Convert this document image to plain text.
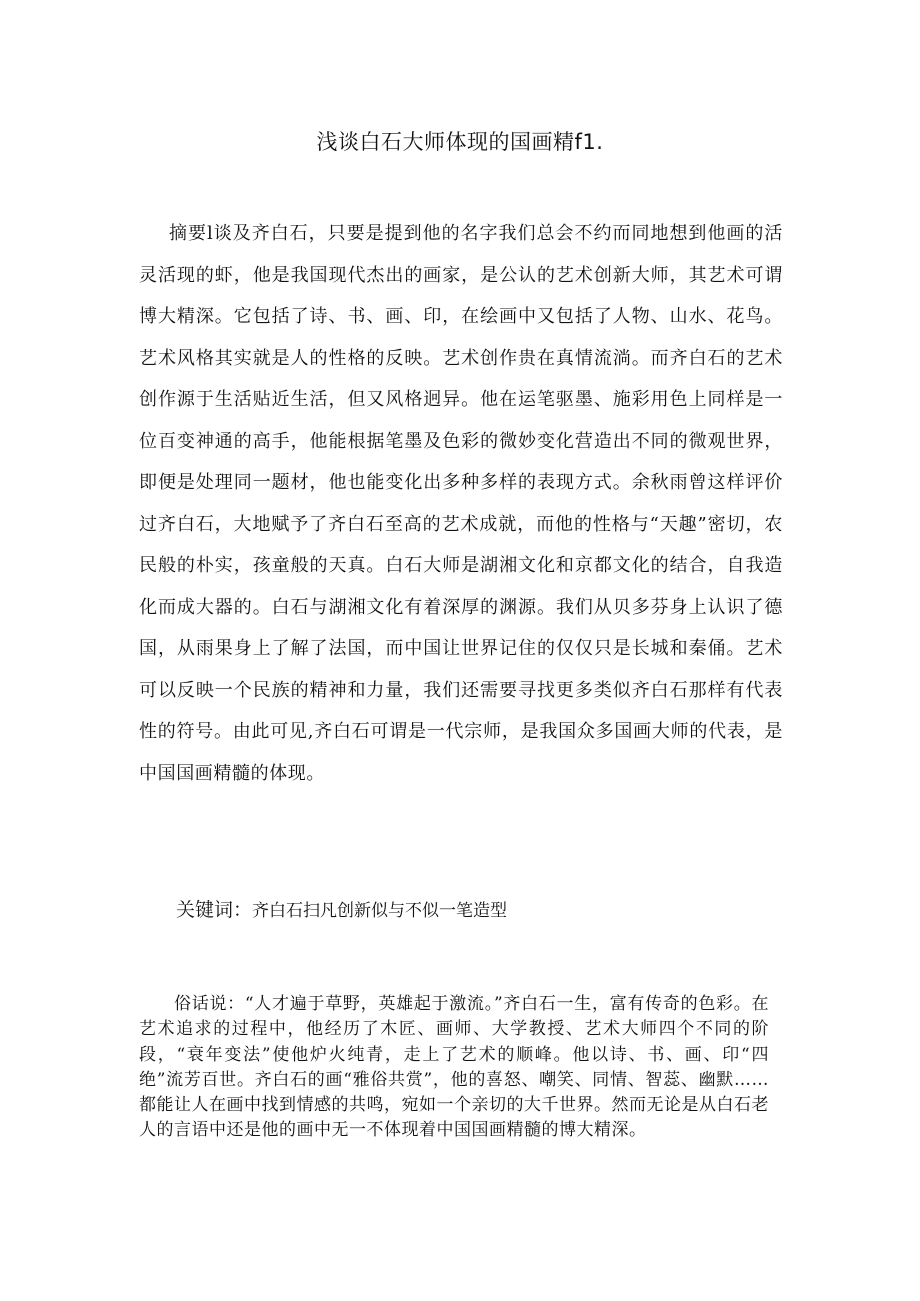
浅谈白石大师体现的国画精f1.

摘要l谈及齐白石，只要是提到他的名字我们总会不约而同地想到他画的活灵活现的虾，他是我国现代杰出的画家，是公认的艺术创新大师，其艺术可谓博大精深。它包括了诗、书、画、印，在绘画中又包括了人物、山水、花鸟。艺术风格其实就是人的性格的反映。艺术创作贵在真情流淌。而齐白石的艺术创作源于生活贴近生活，但又风格迥异。他在运笔驱墨、施彩用色上同样是一位百变神通的高手，他能根据笔墨及色彩的微妙变化营造出不同的微观世界，即便是处理同一题材，他也能变化出多种多样的表现方式。余秋雨曾这样评价过齐白石，大地赋予了齐白石至高的艺术成就，而他的性格与“天趣”密切，农民般的朴实，孩童般的天真。白石大师是湖湘文化和京都文化的结合，自我造化而成大器的。白石与湖湘文化有着深厚的渊源。我们从贝多芬身上认识了德国，从雨果身上了解了法国，而中国让世界记住的仅仅只是长城和秦俑。艺术可以反映一个民族的精神和力量，我们还需要寻找更多类似齐白石那样有代表性的符号。由此可见,齐白石可谓是一代宗师，是我国众多国画大师的代表，是中国国画精髓的体现。

关键词：齐白石扫凡创新似与不似一笔造型

俗话说：“人才遍于草野，英雄起于激流。”齐白石一生，富有传奇的色彩。在艺术追求的过程中，他经历了木匠、画师、大学教授、艺术大师四个不同的阶段，“衰年变法”使他炉火纯青，走上了艺术的顺峰。他以诗、书、画、印“四绝”流芳百世。齐白石的画“雅俗共赏”，他的喜怒、嘲笑、同情、智蕊、幽默……都能让人在画中找到情感的共鸣，宛如一个亲切的大千世界。然而无论是从白石老人的言语中还是他的画中无一不体现着中国国画精髓的博大精深。
